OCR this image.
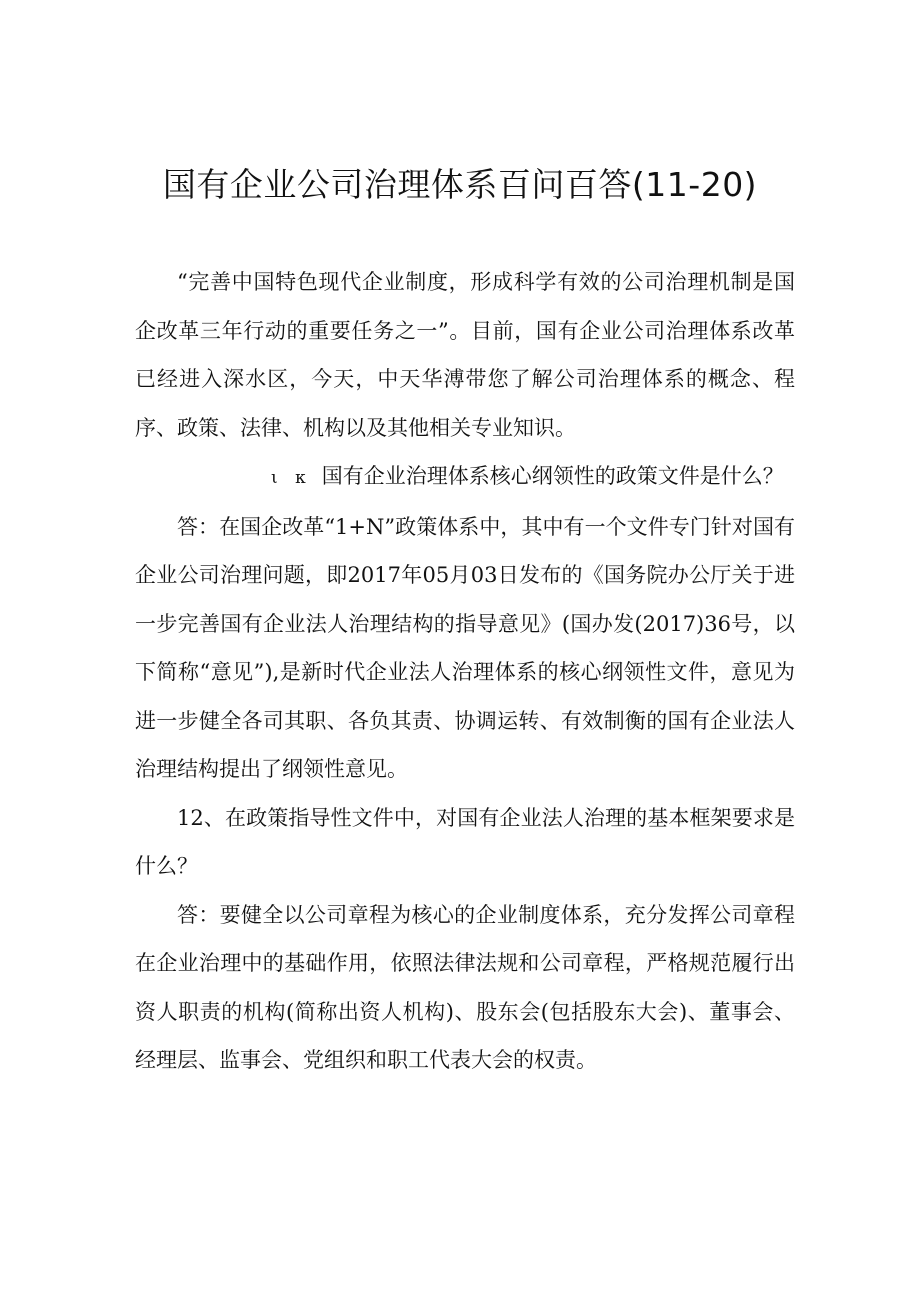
国有企业公司治理体系百问百答(11-20)

“完善中国特色现代企业制度，形成科学有效的公司治理机制是国企改革三年行动的重要任务之一”。目前，国有企业公司治理体系改革已经进入深水区，今天，中天华溥带您了解公司治理体系的概念、程序、政策、法律、机构以及其他相关专业知识。

ι κ 国有企业治理体系核心纲领性的政策文件是什么？

答：在国企改革“1+N”政策体系中，其中有一个文件专门针对国有企业公司治理问题，即2017年05月03日发布的《国务院办公厅关于进一步完善国有企业法人治理结构的指导意见》(国办发(2017)36号，以下简称“意见”),是新时代企业法人治理体系的核心纲领性文件，意见为进一步健全各司其职、各负其责、协调运转、有效制衡的国有企业法人治理结构提出了纲领性意见。

12、在政策指导性文件中，对国有企业法人治理的基本框架要求是什么？

答：要健全以公司章程为核心的企业制度体系，充分发挥公司章程在企业治理中的基础作用，依照法律法规和公司章程，严格规范履行出资人职责的机构(简称出资人机构)、股东会(包括股东大会)、董事会、经理层、监事会、党组织和职工代表大会的权责。
